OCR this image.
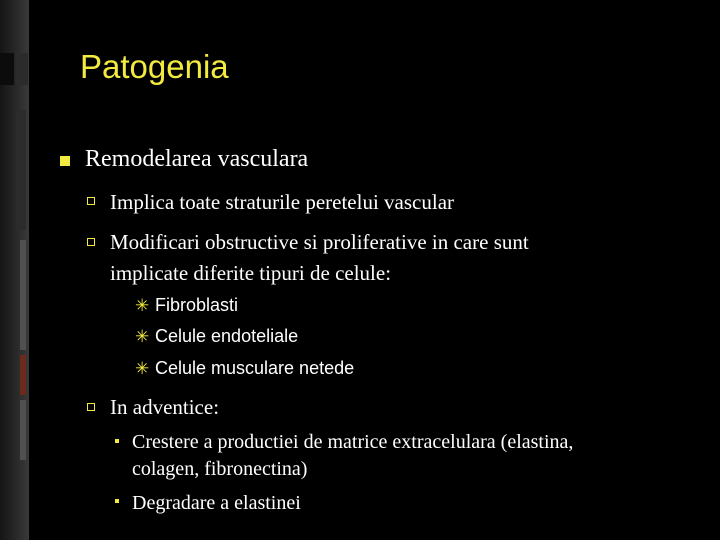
Patogenia
Remodelarea vasculara
Implica toate straturile peretelui vascular
Modificari obstructive si proliferative in care sunt
implicate diferite tipuri de celule:
✳ Fibroblasti
✳ Celule endoteliale
✳ Celule musculare netede
In adventice:
Crestere a productiei de matrice extracelulara (elastina,
colagen, fibronectina)
Degradare a elastinei
